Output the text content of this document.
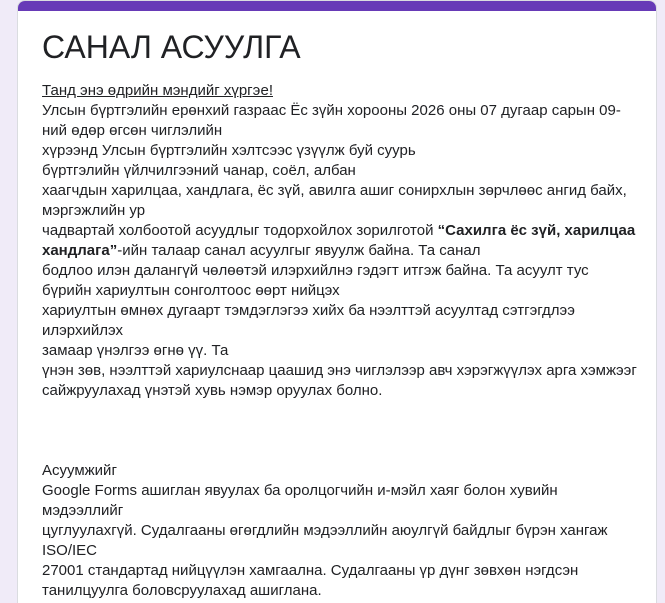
САНАЛ АСУУЛГА
Танд энэ өдрийн мэндийг хүргэе!
Улсын бүртгэлийн ерөнхий газраас Ёс зүйн хорооны 2026 оны 07 дугаар сарын 09-ний өдөр өгсөн чиглэлийн
хүрээнд Улсын бүртгэлийн хэлтсээс үзүүлж буй суурь
бүртгэлийн үйлчилгээний чанар, соёл, албан
хаагчдын харилцаа, хандлага, ёс зүй, авилга ашиг сонирхлын зөрчлөөс ангид байх, мэргэжлийн ур
чадвартай холбоотой асуудлыг тодорхойлох зорилготой “Сахилга ёс зүй, харилцаа хандлага”-ийн талаар санал асуулгыг явуулж байна. Та санал
бодлоо илэн далангүй чөлөөтэй илэрхийлнэ гэдэгт итгэж байна. Та асуулт тус бүрийн хариултын сонголтоос өөрт нийцэх
хариултын өмнөх дугаарт тэмдэглэгээ хийх ба нээлттэй асуултад сэтгэгдлээ илэрхийлэх
замаар үнэлгээ өгнө үү. Та
үнэн зөв, нээлттэй хариулснаар цаашид энэ чиглэлээр авч хэрэгжүүлэх арга хэмжээг сайжруулахад үнэтэй хувь нэмэр оруулах болно.
Асуумжийг
Google Forms ашиглан явуулах ба оролцогчийн и-мэйл хаяг болон хувийн мэдээллийг
цуглуулахгүй. Судалгааны өгөгдлийн мэдээллийн аюулгүй байдлыг бүрэн хангаж ISO/IEC
27001 стандартад нийцүүлэн хамгаална. Судалгааны үр дүнг зөвхөн нэгдсэн танилцуулга боловсруулахад ашиглана.
